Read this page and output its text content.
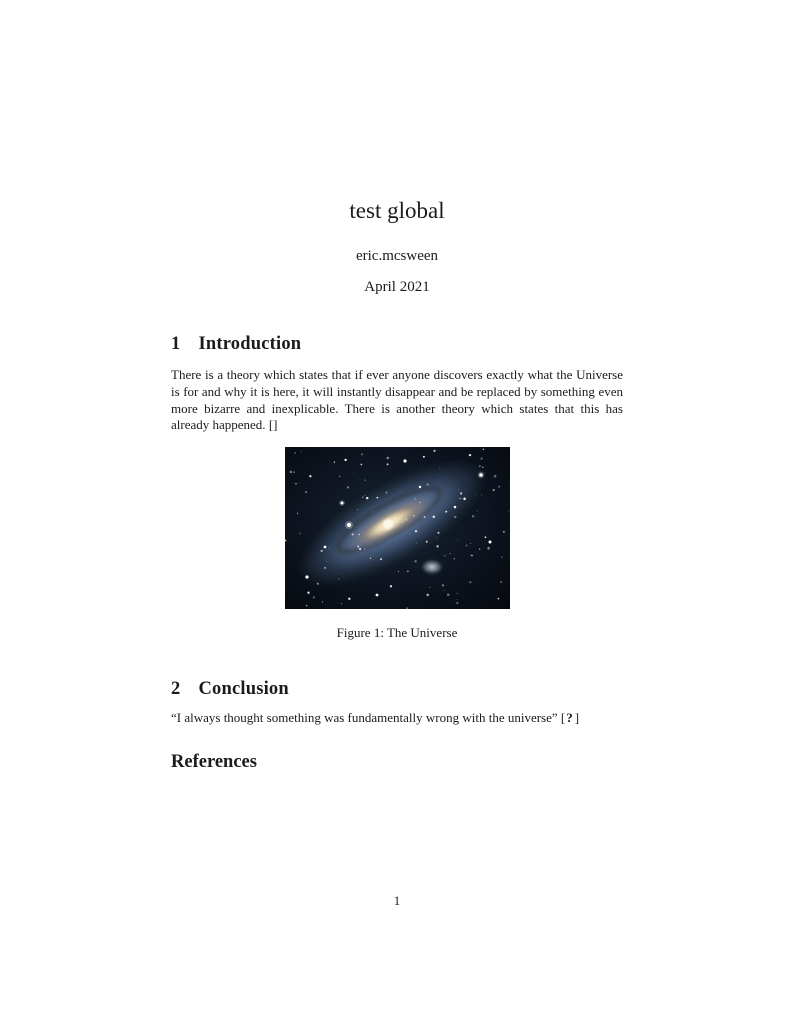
test global
eric.mcsween
April 2021
1 Introduction

There is a theory which states that if ever anyone discovers exactly what the Universe is for and why it is here, it will instantly disappear and be replaced by something even more bizarre and inexplicable. There is another theory which states that this has already happened. []

Figure 1: The Universe
2 Conclusion

“I always thought something was fundamentally wrong with the universe” [? ]

References
1
